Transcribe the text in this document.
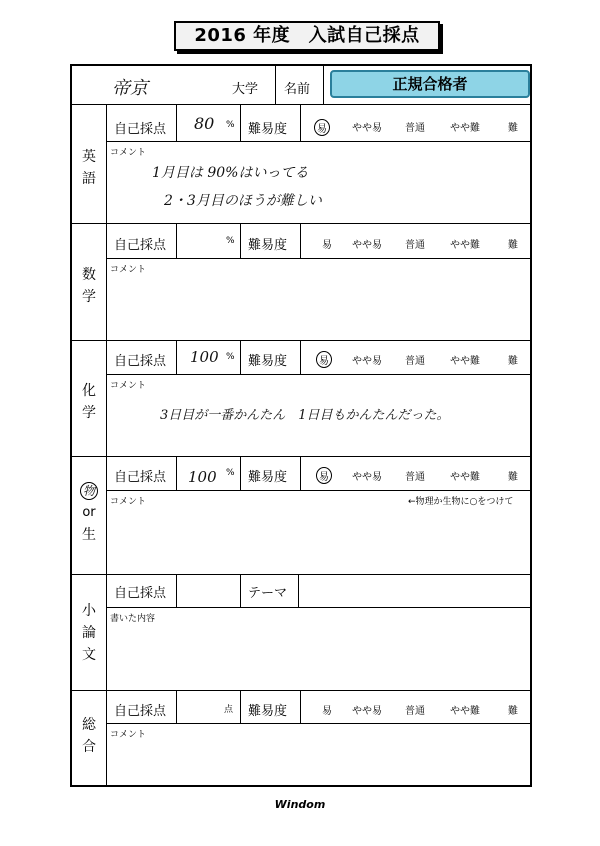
2016 年度　入試自己採点
帝京	大学 名前	正規合格者
英
語
自己採点 80 % 難易度	易	やや易 普通	やや難	難
コメント
1月目は 90%はいってる
2・3月目のほうが難しい
数
学
自己採点	% 難易度	易 やや易 普通	やや難	難
コメント
化
学
自己採点 100 % 難易度	易	やや易 普通	やや難	難
コメント
3日目が一番かんたん　1日目もかんたんだった。
物
or
生
自己採点 100 % 難易度	易	やや易 普通	やや難	難
コメント	←物理か生物に○をつけて
小
論
文
自己採点	テーマ
書いた内容
総
合
自己採点	点 難易度	易 やや易 普通	やや難	難
コメント
Windom
